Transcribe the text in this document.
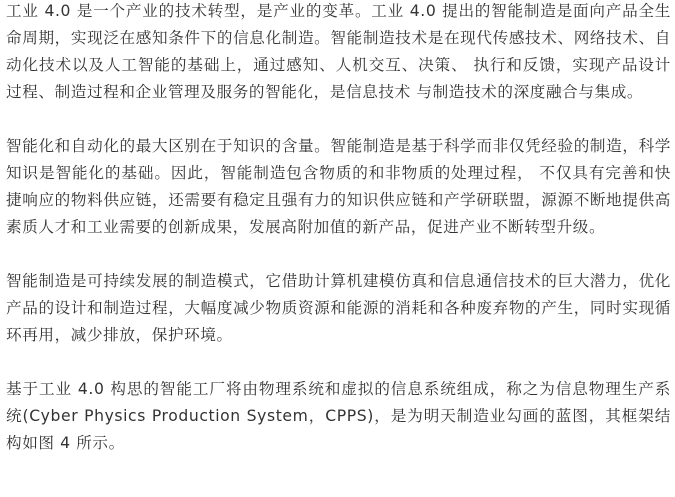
工业 4.0 是一个产业的技术转型，是产业的变革。工业 4.0 提出的智能制造是面向产品全生命周期，实现泛在感知条件下的信息化制造。智能制造技术是在现代传感技术、网络技术、自动化技术以及人工智能的基础上，通过感知、人机交互、决策、 执行和反馈，实现产品设计过程、制造过程和企业管理及服务的智能化，是信息技术 与制造技术的深度融合与集成。

智能化和自动化的最大区别在于知识的含量。智能制造是基于科学而非仅凭经验的制造，科学知识是智能化的基础。因此，智能制造包含物质的和非物质的处理过程， 不仅具有完善和快捷响应的物料供应链，还需要有稳定且强有力的知识供应链和产学研联盟，源源不断地提供高素质人才和工业需要的创新成果，发展高附加值的新产品，促进产业不断转型升级。

智能制造是可持续发展的制造模式，它借助计算机建模仿真和信息通信技术的巨大潜力，优化产品的设计和制造过程，大幅度减少物质资源和能源的消耗和各种废弃物的产生，同时实现循环再用，减少排放，保护环境。

基于工业 4.0 构思的智能工厂将由物理系统和虚拟的信息系统组成，称之为信息物理生产系统(Cyber Physics Production System，CPPS)，是为明天制造业勾画的蓝图，其框架结构如图 4 所示。
